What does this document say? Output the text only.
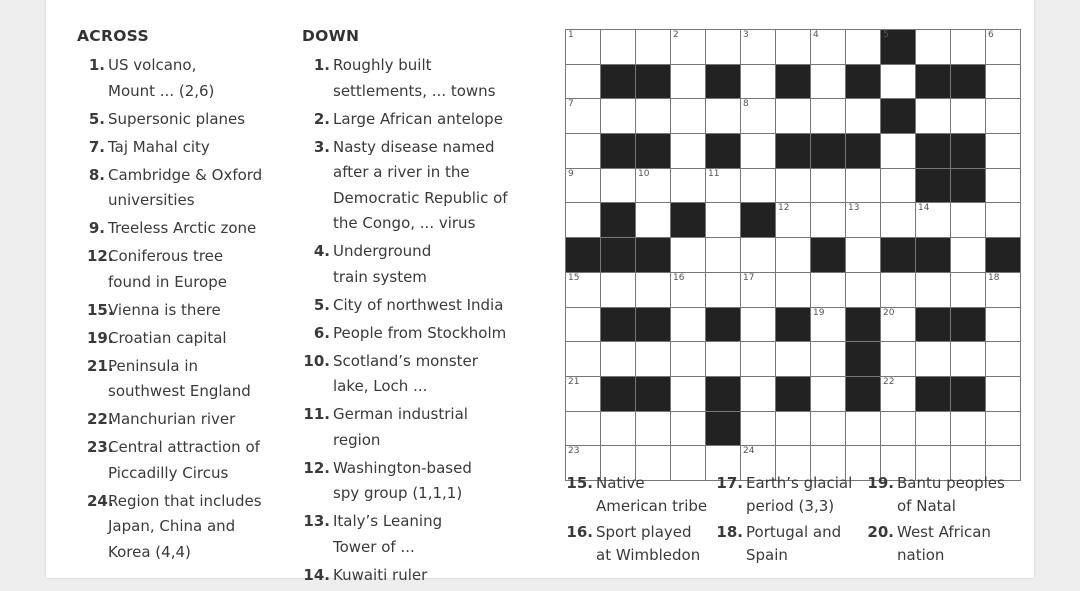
ACROSS
1. US volcano,
Mount ... (2,6)
5. Supersonic planes
7. Taj Mahal city
8. Cambridge & Oxford
universities
9. Treeless Arctic zone
12.
Coniferous tree
found in Europe
15.
Vienna is there
19.
Croatian capital
21.
Peninsula in
southwest England
22.
Manchurian river
23.
Central attraction of
Piccadilly Circus
24.
Region that includes
Japan, China and
Korea (4,4)
DOWN
1. Roughly built
settlements, ... towns
2. Large African antelope
3. Nasty disease named
after a river in the
Democratic Republic of
the Congo, ... virus
4. Underground
train system
5. City of northwest India
6. People from Stockholm
10. Scotland’s monster
lake, Loch ...
11. German industrial
region
12. Washington-based
spy group (1,1,1)
13. Italy’s Leaning
Tower of ...
14. Kuwaiti ruler
1	2	3	4	5	6
7	8
9	10	11
12	13	14
15	16	17	18
19	20
21	22
23	24
15. Native
American tribe
16. Sport played
at Wimbledon
17. Earth’s glacial
period (3,3)
18. Portugal and
Spain
19. Bantu peoples
of Natal
20. West African
nation
